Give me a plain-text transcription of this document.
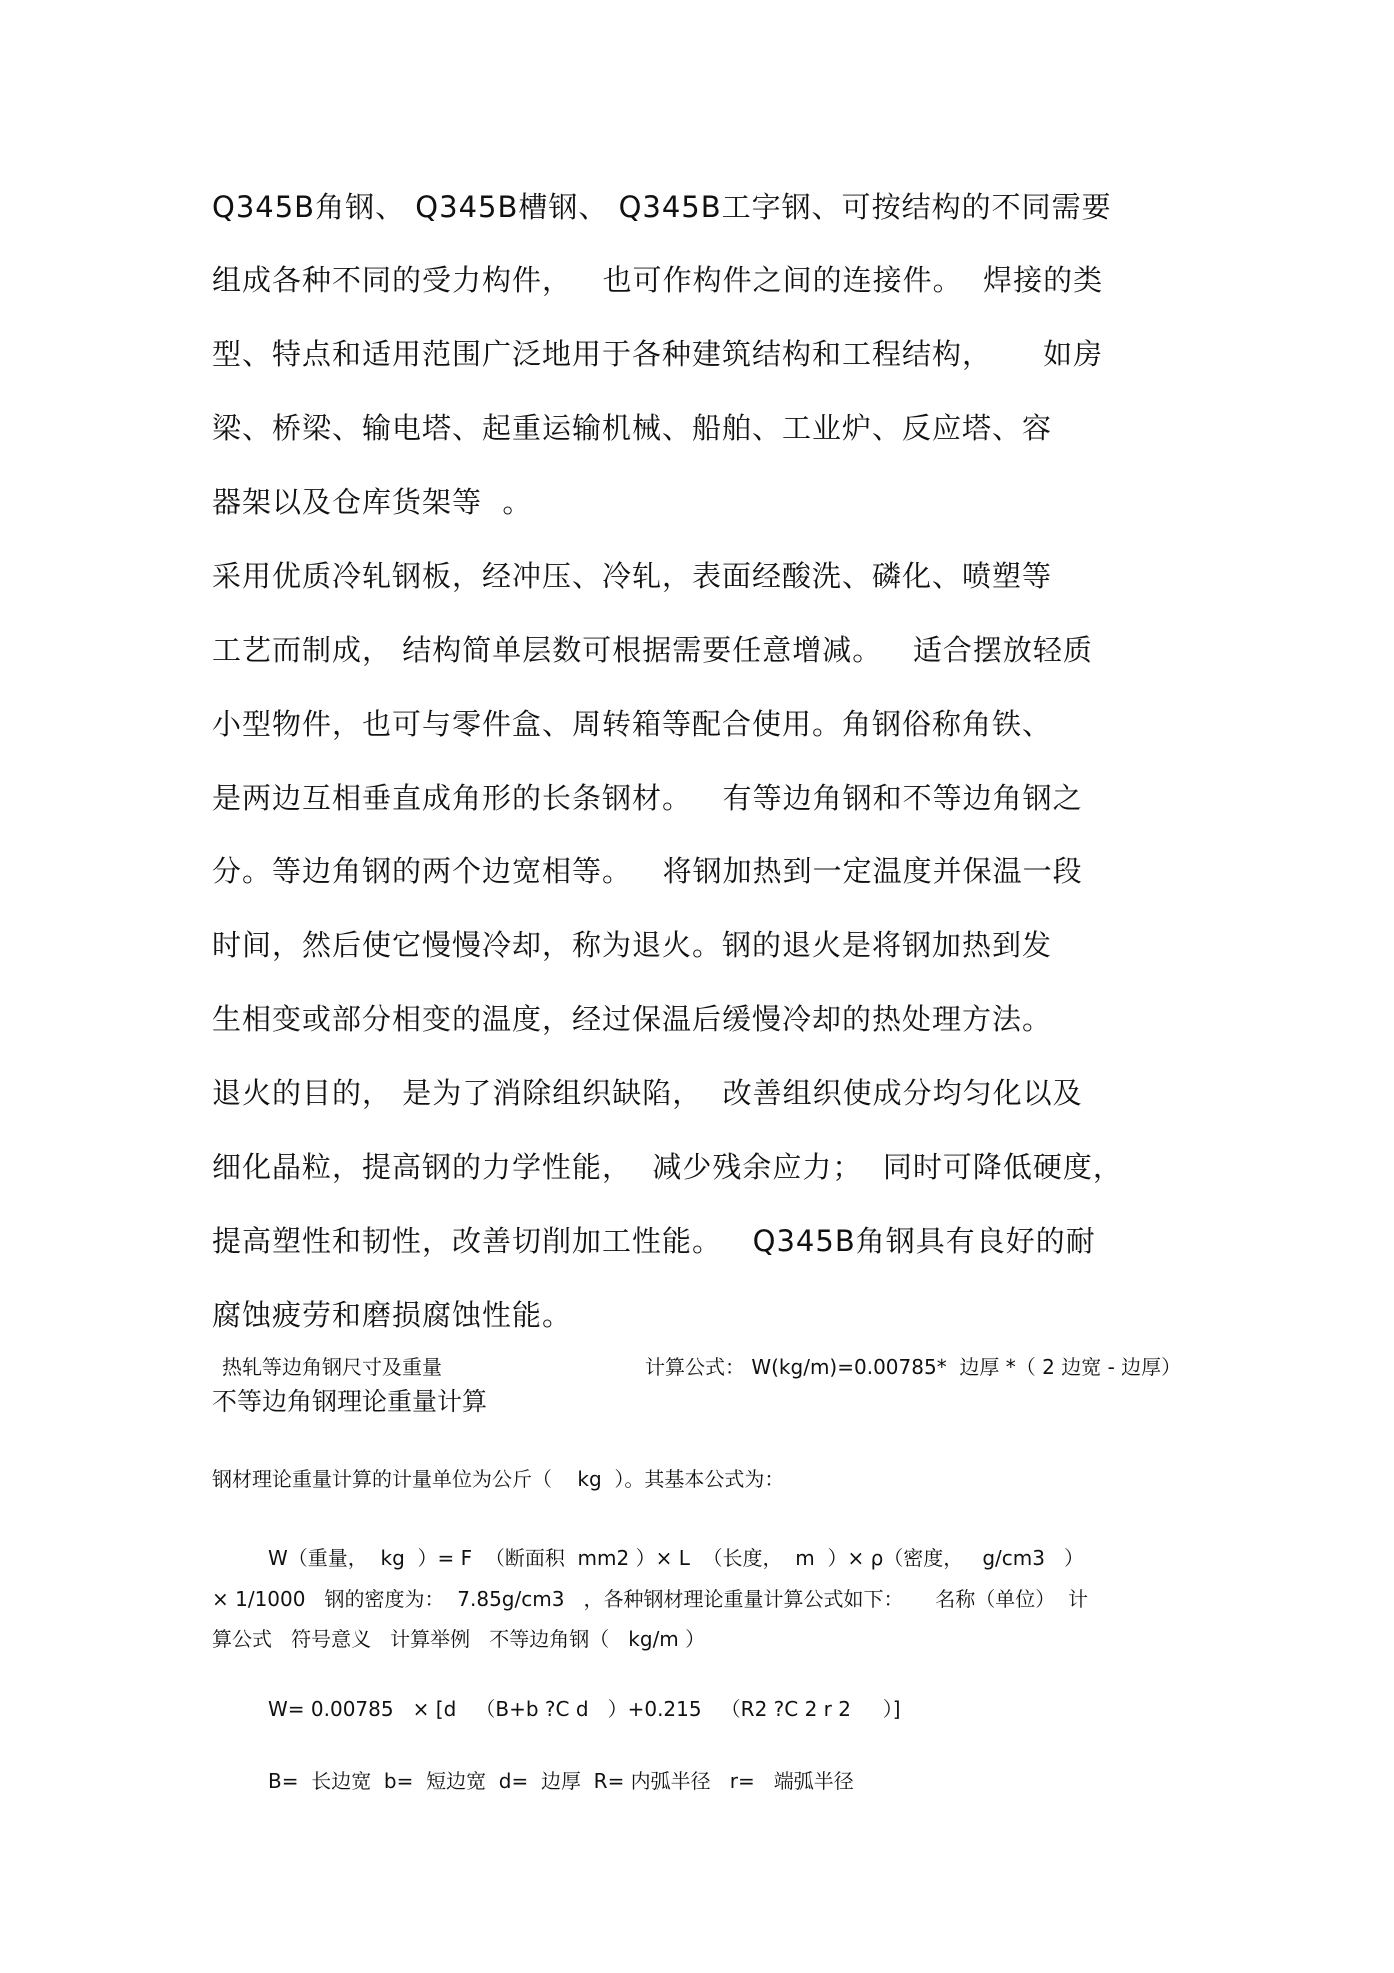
Q345B角钢、 Q345B槽钢、 Q345B工字钢、可按结构的不同需要
组成各种不同的受力构件，   也可作构件之间的连接件。  焊接的类
型、特点和适用范围广泛地用于各种建筑结构和工程结构，     如房
梁、桥梁、输电塔、起重运输机械、船舶、工业炉、反应塔、容
器架以及仓库货架等  。
采用优质冷轧钢板，经冲压、冷轧，表面经酸洗、磷化、喷塑等
工艺而制成， 结构简单层数可根据需要任意增减。   适合摆放轻质
小型物件，也可与零件盒、周转箱等配合使用。角钢俗称角铁、
是两边互相垂直成角形的长条钢材。   有等边角钢和不等边角钢之
分。等边角钢的两个边宽相等。   将钢加热到一定温度并保温一段
时间，然后使它慢慢冷却，称为退火。钢的退火是将钢加热到发
生相变或部分相变的温度，经过保温后缓慢冷却的热处理方法。
退火的目的， 是为了消除组织缺陷，  改善组织使成分均匀化以及
细化晶粒，提高钢的力学性能，  减少残余应力；  同时可降低硬度，
提高塑性和韧性，改善切削加工性能。   Q345B角钢具有良好的耐
腐蚀疲劳和磨损腐蚀性能。
热轧等边角钢尺寸及重量	计算公式： W(kg/m)=0.00785*  边厚 *（ 2 边宽 - 边厚）
不等边角钢理论重量计算
钢材理论重量计算的计量单位为公斤（    kg  ）。其基本公式为：
W（重量，  kg  ）= F  （断面积  mm2 ）× L  （长度，  m  ）× ρ（密度，   g/cm3   ）
× 1/1000   钢的密度为：  7.85g/cm3   ，各种钢材理论重量计算公式如下：     名称（单位）  计
算公式   符号意义   计算举例   不等边角钢（   kg/m ）
W= 0.00785   × [d   （B+b ?C d   ）+0.215   （R2 ?C 2 r 2     ）]
B=  长边宽  b=  短边宽  d=  边厚  R= 内弧半径   r=   端弧半径
